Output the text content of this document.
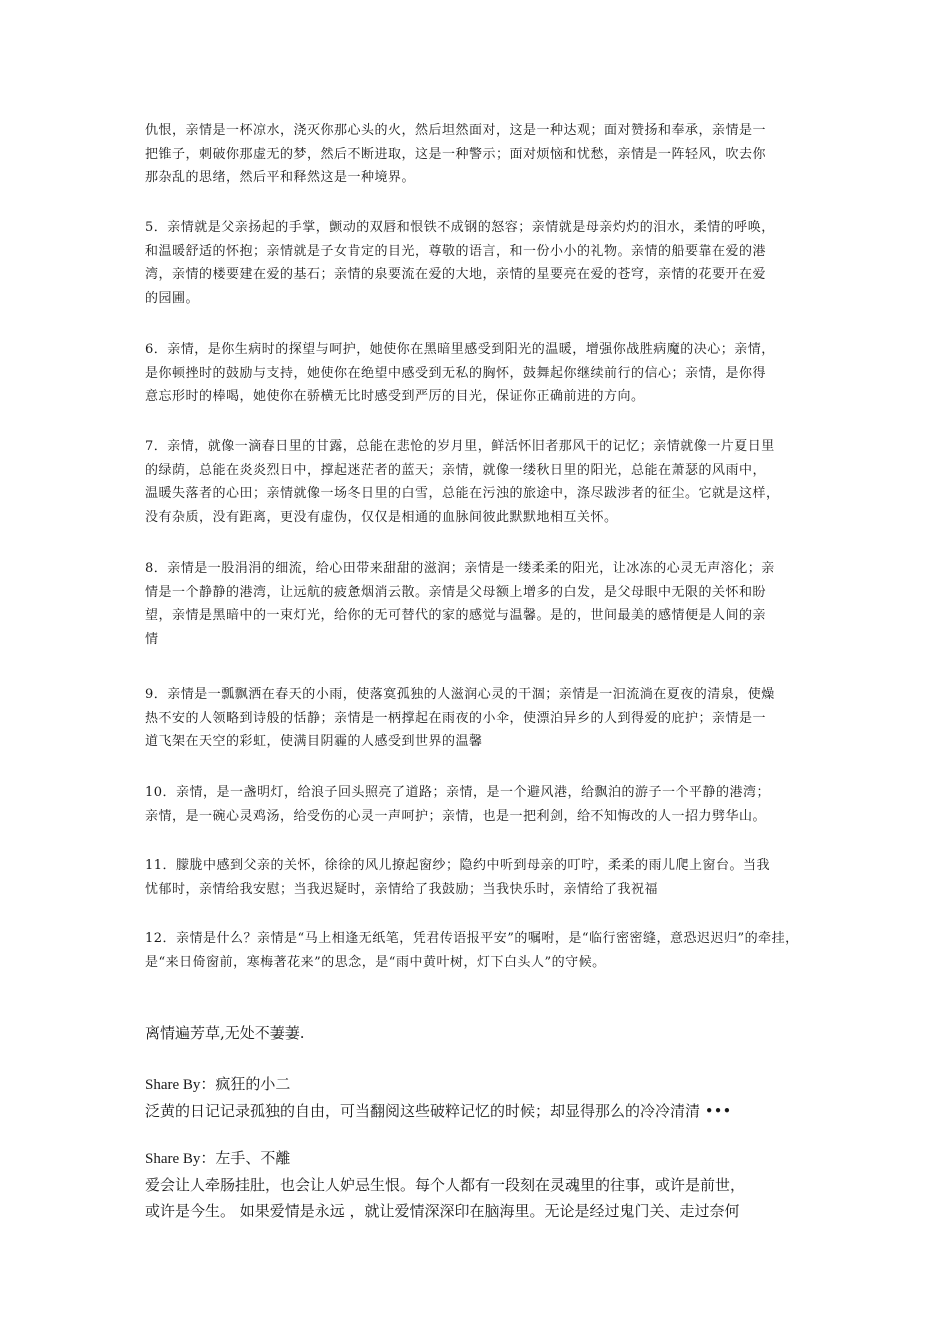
仇恨，亲情是一杯凉水，浇灭你那心头的火，然后坦然面对，这是一种达观；面对赞扬和奉承，亲情是一
把锥子，刺破你那虚无的梦，然后不断进取，这是一种警示；面对烦恼和忧愁，亲情是一阵轻风，吹去你
那杂乱的思绪，然后平和释然这是一种境界。

5．亲情就是父亲扬起的手掌，颤动的双唇和恨铁不成钢的怒容；亲情就是母亲灼灼的泪水，柔情的呼唤，
和温暖舒适的怀抱；亲情就是子女肯定的目光，尊敬的语言，和一份小小的礼物。亲情的船要靠在爱的港
湾，亲情的楼要建在爱的基石；亲情的泉要流在爱的大地，亲情的星要亮在爱的苍穹，亲情的花要开在爱
的园圃。

6．亲情，是你生病时的探望与呵护，她使你在黑暗里感受到阳光的温暖，增强你战胜病魔的决心；亲情，
是你顿挫时的鼓励与支持，她使你在绝望中感受到无私的胸怀，鼓舞起你继续前行的信心；亲情，是你得
意忘形时的棒喝，她使你在骄横无比时感受到严厉的目光，保证你正确前进的方向。

7．亲情，就像一滴春日里的甘露，总能在悲怆的岁月里，鲜活怀旧者那风干的记忆；亲情就像一片夏日里
的绿荫，总能在炎炎烈日中，撑起迷茫者的蓝天；亲情，就像一缕秋日里的阳光，总能在萧瑟的风雨中，
温暖失落者的心田；亲情就像一场冬日里的白雪，总能在污浊的旅途中，涤尽跋涉者的征尘。它就是这样，
没有杂质，没有距离，更没有虚伪，仅仅是相通的血脉间彼此默默地相互关怀。

8．亲情是一股涓涓的细流，给心田带来甜甜的滋润；亲情是一缕柔柔的阳光，让冰冻的心灵无声溶化；亲
情是一个静静的港湾，让远航的疲惫烟消云散。亲情是父母额上增多的白发，是父母眼中无限的关怀和盼
望，亲情是黑暗中的一束灯光，给你的无可替代的家的感觉与温馨。是的，世间最美的感情便是人间的亲
情

9．亲情是一瓢飘洒在春天的小雨，使落寞孤独的人滋润心灵的干涸；亲情是一汩流淌在夏夜的清泉，使燥
热不安的人领略到诗般的恬静；亲情是一柄撑起在雨夜的小伞，使漂泊异乡的人到得爱的庇护；亲情是一
道飞架在天空的彩虹，使满目阴霾的人感受到世界的温馨

10．亲情，是一盏明灯，给浪子回头照亮了道路；亲情，是一个避风港，给飘泊的游子一个平静的港湾；
亲情，是一碗心灵鸡汤，给受伤的心灵一声呵护；亲情，也是一把利剑，给不知悔改的人一招力劈华山。

11．朦胧中感到父亲的关怀，徐徐的风儿撩起窗纱；隐约中听到母亲的叮咛，柔柔的雨儿爬上窗台。当我
忧郁时，亲情给我安慰；当我迟疑时，亲情给了我鼓励；当我快乐时，亲情给了我祝福

12．亲情是什么？亲情是“马上相逢无纸笔，凭君传语报平安”的嘱咐，是“临行密密缝，意恐迟迟归”的牵挂，
是“来日倚窗前，寒梅著花来”的思念，是“雨中黄叶树，灯下白头人”的守候。

离情遍芳草,无处不萋萋.

Share By：疯狂的小二
泛黄的日记记录孤独的自由，可当翻阅这些破粹记忆的时候；却显得那么的冷冷清清 •••

Share By：左手、不離
爱会让人牵肠挂肚，也会让人妒忌生恨。每个人都有一段刻在灵魂里的往事，或许是前世，
或许是今生。 如果爱情是永远 ，就让爱情深深印在脑海里。无论是经过鬼门关、走过奈何
